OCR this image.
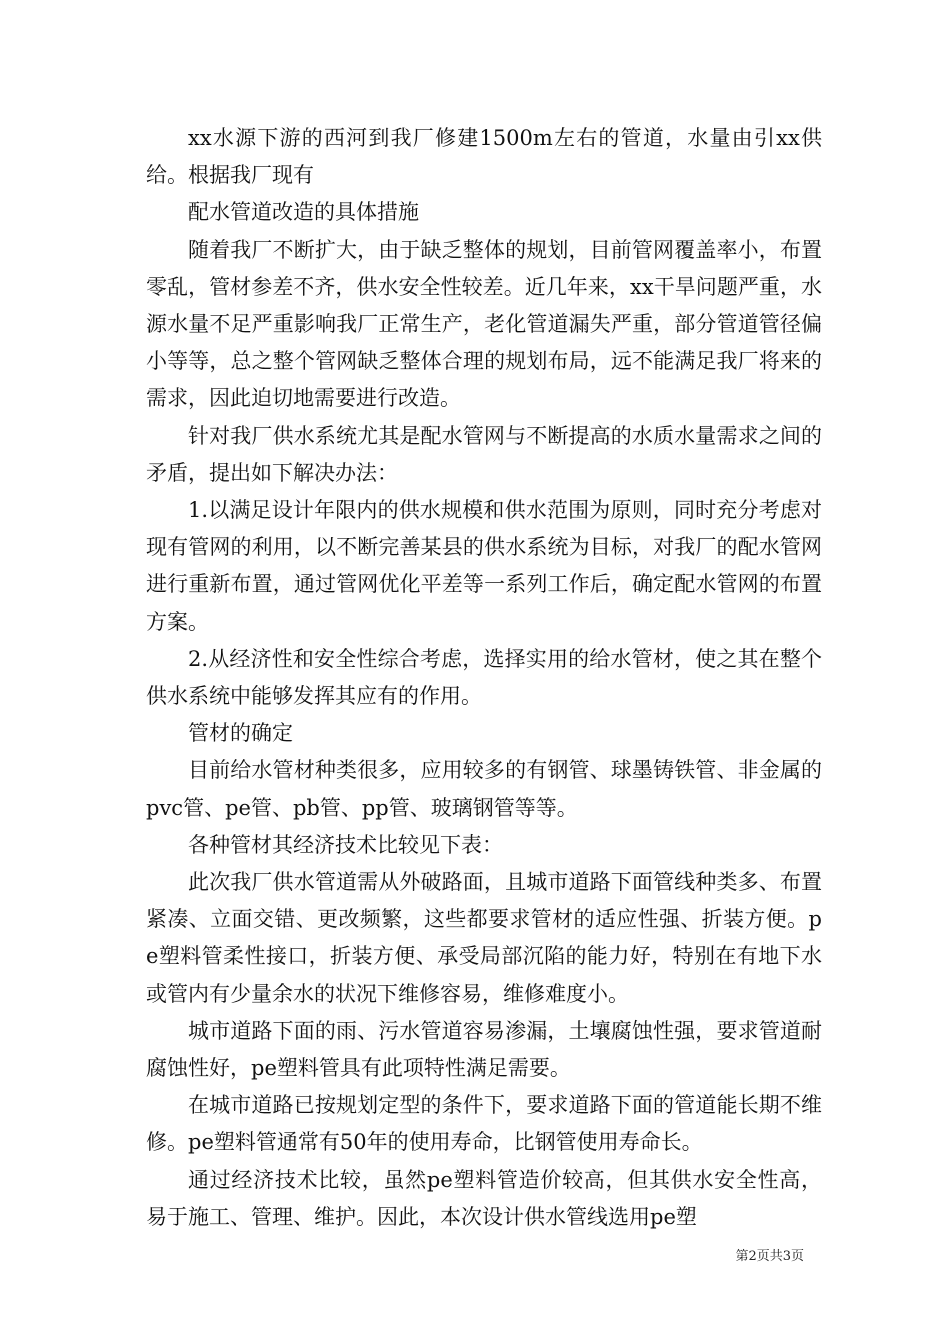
xx水源下游的西河到我厂修建1500m左右的管道，水量由引xx供给。根据我厂现有

配水管道改造的具体措施

随着我厂不断扩大，由于缺乏整体的规划，目前管网覆盖率小，布置零乱，管材参差不齐，供水安全性较差。近几年来，xx干旱问题严重，水源水量不足严重影响我厂正常生产，老化管道漏失严重，部分管道管径偏小等等，总之整个管网缺乏整体合理的规划布局，远不能满足我厂将来的需求，因此迫切地需要进行改造。

针对我厂供水系统尤其是配水管网与不断提高的水质水量需求之间的矛盾，提出如下解决办法：

1.以满足设计年限内的供水规模和供水范围为原则，同时充分考虑对现有管网的利用，以不断完善某县的供水系统为目标，对我厂的配水管网进行重新布置，通过管网优化平差等一系列工作后，确定配水管网的布置方案。

2.从经济性和安全性综合考虑，选择实用的给水管材，使之其在整个供水系统中能够发挥其应有的作用。

管材的确定

目前给水管材种类很多，应用较多的有钢管、球墨铸铁管、非金属的pvc管、pe管、pb管、pp管、玻璃钢管等等。

各种管材其经济技术比较见下表：

此次我厂供水管道需从外破路面，且城市道路下面管线种类多、布置紧凑、立面交错、更改频繁，这些都要求管材的适应性强、折装方便。pe塑料管柔性接口，折装方便、承受局部沉陷的能力好，特别在有地下水或管内有少量余水的状况下维修容易，维修难度小。

城市道路下面的雨、污水管道容易渗漏，土壤腐蚀性强，要求管道耐腐蚀性好，pe塑料管具有此项特性满足需要。

在城市道路已按规划定型的条件下，要求道路下面的管道能长期不维修。pe塑料管通常有50年的使用寿命，比钢管使用寿命长。

通过经济技术比较，虽然pe塑料管造价较高，但其供水安全性高，易于施工、管理、维护。因此，本次设计供水管线选用pe塑

第2页共3页
